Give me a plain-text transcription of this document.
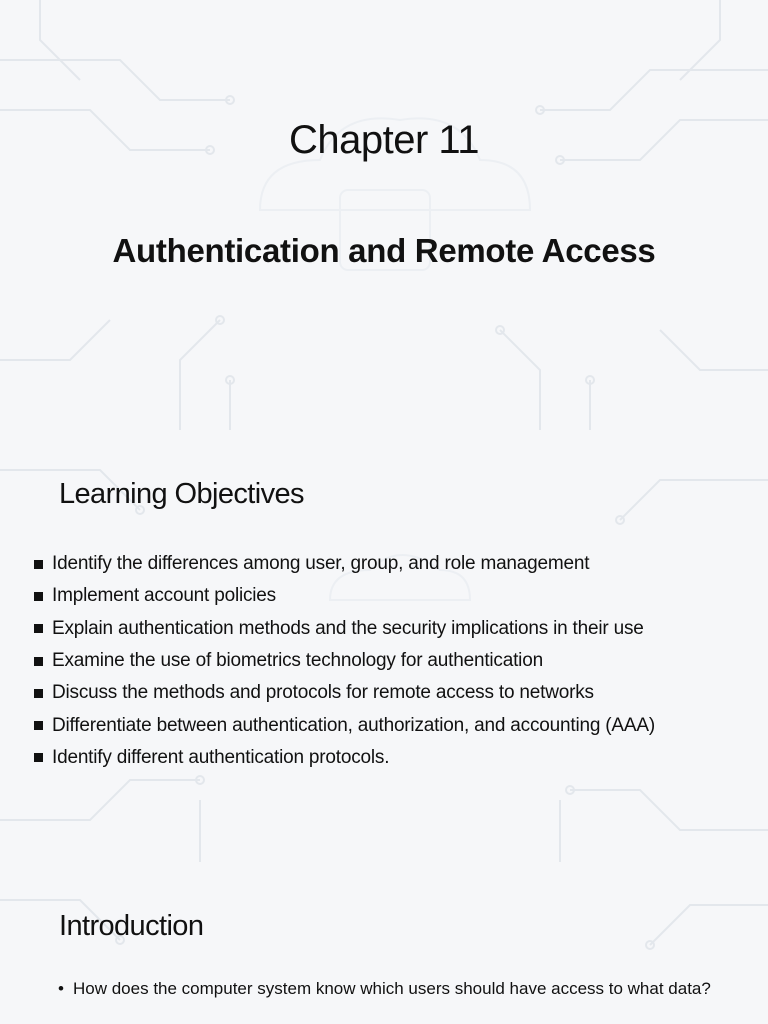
Chapter 11
Authentication and Remote Access
Learning Objectives
Identify the differences among user, group, and role management
Implement account policies
Explain authentication methods and the security implications in their use
Examine the use of biometrics technology for authentication
Discuss the methods and protocols for remote access to networks
Differentiate between authentication, authorization, and accounting (AAA)
Identify different authentication protocols.
Introduction
• How does the computer system know which users should have access to what data?
